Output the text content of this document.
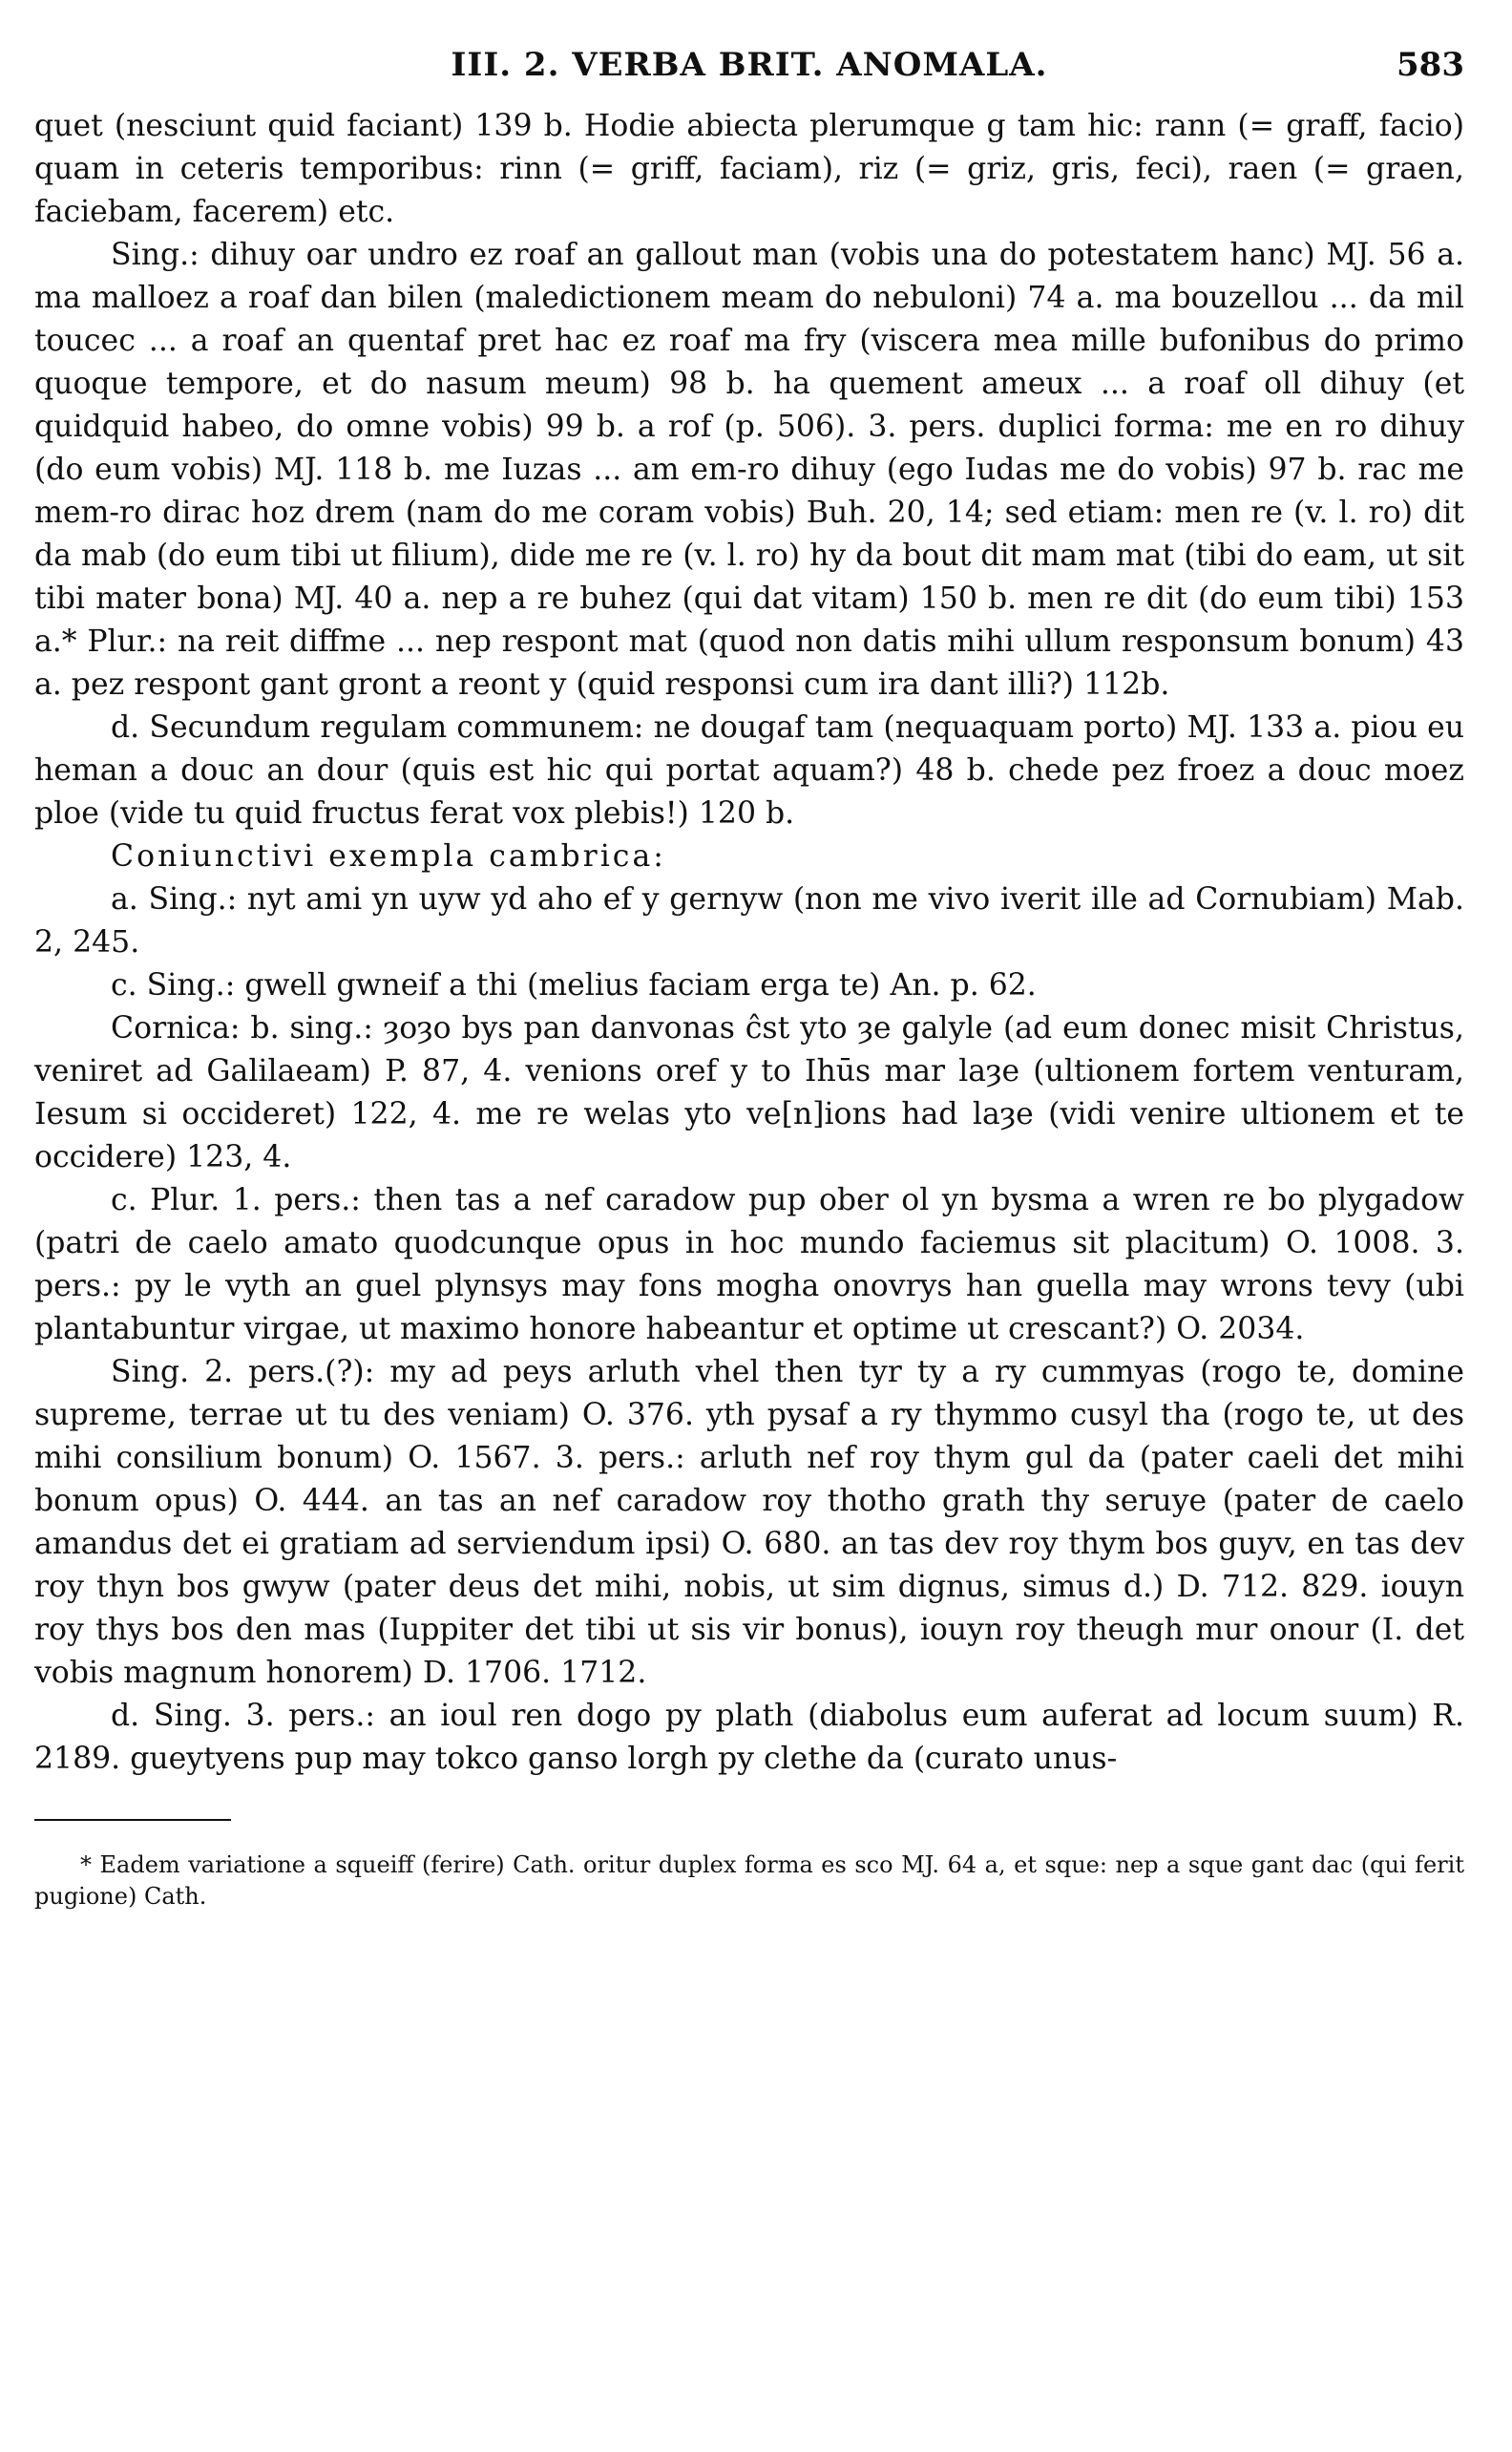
III. 2. VERBA BRIT. ANOMALA.	583

quet (nesciunt quid faciant) 139 b. Hodie abiecta plerumque g tam hic: rann (= graff, facio) quam in ceteris temporibus: rinn (= griff, faciam), riz (= griz, gris, feci), raen (= graen, faciebam, facerem) etc.

Sing.: dihuy oar undro ez roaf an gallout man (vobis una do potestatem hanc) MJ. 56 a. ma malloez a roaf dan bilen (maledictionem meam do nebuloni) 74 a. ma bouzellou ... da mil toucec ... a roaf an quentaf pret hac ez roaf ma fry (viscera mea mille bufonibus do primo quoque tempore, et do nasum meum) 98 b. ha quement ameux ... a roaf oll dihuy (et quidquid habeo, do omne vobis) 99 b. a rof (p. 506). 3. pers. duplici forma: me en ro dihuy (do eum vobis) MJ. 118 b. me Iuzas ... am em-ro dihuy (ego Iudas me do vobis) 97 b. rac me mem-ro dirac hoz drem (nam do me coram vobis) Buh. 20, 14; sed etiam: men re (v. l. ro) dit da mab (do eum tibi ut filium), dide me re (v. l. ro) hy da bout dit mam mat (tibi do eam, ut sit tibi mater bona) MJ. 40 a. nep a re buhez (qui dat vitam) 150 b. men re dit (do eum tibi) 153 a.* Plur.: na reit diffme ... nep respont mat (quod non datis mihi ullum responsum bonum) 43 a. pez respont gant gront a reont y (quid responsi cum ira dant illi?) 112b.

d. Secundum regulam communem: ne dougaf tam (nequaquam porto) MJ. 133 a. piou eu heman a douc an dour (quis est hic qui portat aquam?) 48 b. chede pez froez a douc moez ploe (vide tu quid fructus ferat vox plebis!) 120 b.

Coniunctivi exempla cambrica:

a. Sing.: nyt ami yn uyw yd aho ef y gernyw (non me vivo iverit ille ad Cornubiam) Mab. 2, 245.

c. Sing.: gwell gwneif a thi (melius faciam erga te) An. p. 62.

Cornica: b. sing.: ȝoȝo bys pan danvonas ĉst yto ȝe galyle (ad eum donec misit Christus, veniret ad Galilaeam) P. 87, 4. venions oref y to Ihūs mar laȝe (ultionem fortem venturam, Iesum si occideret) 122, 4. me re welas yto ve[n]ions had laȝe (vidi venire ultionem et te occidere) 123, 4.

c. Plur. 1. pers.: then tas a nef caradow pup ober ol yn bysma a wren re bo plygadow (patri de caelo amato quodcunque opus in hoc mundo faciemus sit placitum) O. 1008. 3. pers.: py le vyth an guel plynsys may fons mogha onovrys han guella may wrons tevy (ubi plantabuntur virgae, ut maximo honore habeantur et optime ut crescant?) O. 2034.

Sing. 2. pers.(?): my ad peys arluth vhel then tyr ty a ry cummyas (rogo te, domine supreme, terrae ut tu des veniam) O. 376. yth pysaf a ry thymmo cusyl tha (rogo te, ut des mihi consilium bonum) O. 1567. 3. pers.: arluth nef roy thym gul da (pater caeli det mihi bonum opus) O. 444. an tas an nef caradow roy thotho grath thy seruye (pater de caelo amandus det ei gratiam ad serviendum ipsi) O. 680. an tas dev roy thym bos guyv, en tas dev roy thyn bos gwyw (pater deus det mihi, nobis, ut sim dignus, simus d.) D. 712. 829. iouyn roy thys bos den mas (Iuppiter det tibi ut sis vir bonus), iouyn roy theugh mur onour (I. det vobis magnum honorem) D. 1706. 1712.

d. Sing. 3. pers.: an ioul ren dogo py plath (diabolus eum auferat ad locum suum) R. 2189. gueytyens pup may tokco ganso lorgh py clethe da (curato unus-

* Eadem variatione a squeiff (ferire) Cath. oritur duplex forma es sco MJ. 64 a, et sque: nep a sque gant dac (qui ferit pugione) Cath.
